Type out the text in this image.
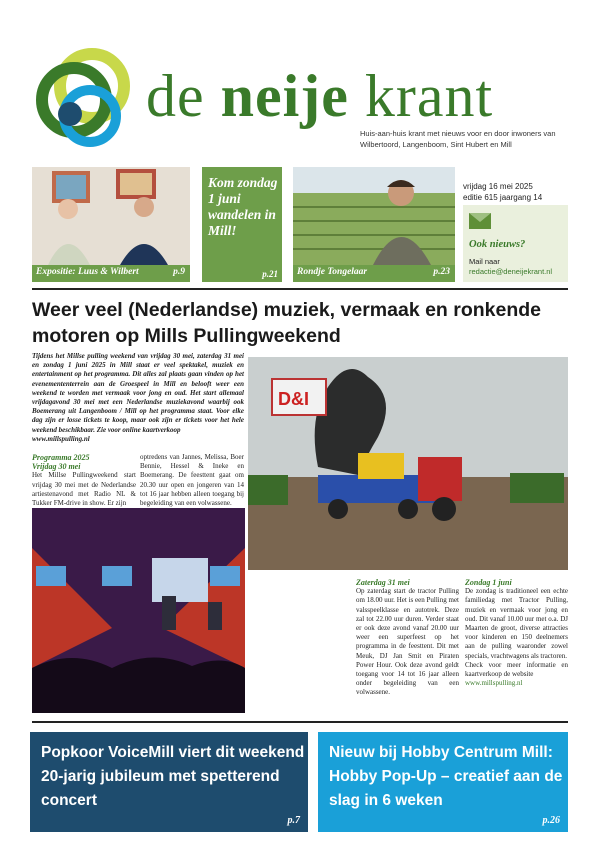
de neije krant
Huis-aan-huis krant met nieuws voor en door inwoners van Wilbertoord, Langenboom, Sint Hubert en Mill
Expositie: Luus & Wilbert	p.9
Kom zondag 1 juni wandelen in Mill!
p.21	Rondje Tongelaar	p.23
vrijdag 16 mei 2025
editie 615 jaargang 14
Ook nieuws?
Mail naar
redactie@deneijekrant.nl
Weer veel (Nederlandse) muziek, vermaak en ronkende motoren op Mills Pullingweekend
Tijdens het Millse pulling weekend van vrijdag 30 mei, zaterdag 31 mei en zondag 1 juni 2025 in Mill staat er veel spektakel, muziek en entertainment op het programma. Dit alles zal plaats gaan vinden op het evenemententerrein aan de Groespeel in Mill en belooft weer een weekend te worden met vermaak voor jong en oud. Het start allemaal vrijdagavond 30 mei met een Nederlandse muziekavond waarbij ook Boemerang uit Langenboom / Mill op het programma staat. Voor elke dag zijn er losse tickets te koop, maar ook zijn er tickets voor het hele weekend beschikbaar. Zie voor online kaartverkoop
www.millspulling.nl
Programma 2025
Vrijdag 30 mei
Het Millse Pullingweekend start vrijdag 30 mei met de Nederlandse artiestenavond met Radio NL & Tukker FM-drive in show. Er zijn
optredens van Jannes, Melissa, Boer Bennie, Hessel & Ineke en Boemerang. De feesttent gaat om 20.30 uur open en jongeren van 14 tot 16 jaar hebben alleen toegang bij begeleiding van een volwassene.
D&I
Zaterdag 31 mei
Op zaterdag start de tractor Pulling om 18.00 uur. Het is een Pulling met valsspeelklasse en autotrek. Deze zal tot 22.00 uur duren. Verder staat er ook deze avond vanaf 20.00 uur weer een superfeest op het programma in de feesttent. Dit met Meuk, DJ Jan Smit en Piraten Power Hour. Ook deze avond geldt toegang voor 14 tot 16 jaar alleen onder begeleiding van een volwassene.
Zondag 1 juni
De zondag is traditioneel een echte familiedag met Tractor Pulling, muziek en vermaak voor jong en oud. Dit vanaf 10.00 uur met o.a. DJ Maarten de groot, diverse attracties voor kinderen en 150 deelnemers aan de pulling waaronder zowel specials, vrachtwagens als tractoren.
Check voor meer informatie en kaartverkoop de website
www.millspulling.nl
Popkoor VoiceMill viert dit weekend 20-jarig jubileum met spetterend concert
p.7
Nieuw bij Hobby Centrum Mill: Hobby Pop-Up – creatief aan de slag in 6 weken
p.26
